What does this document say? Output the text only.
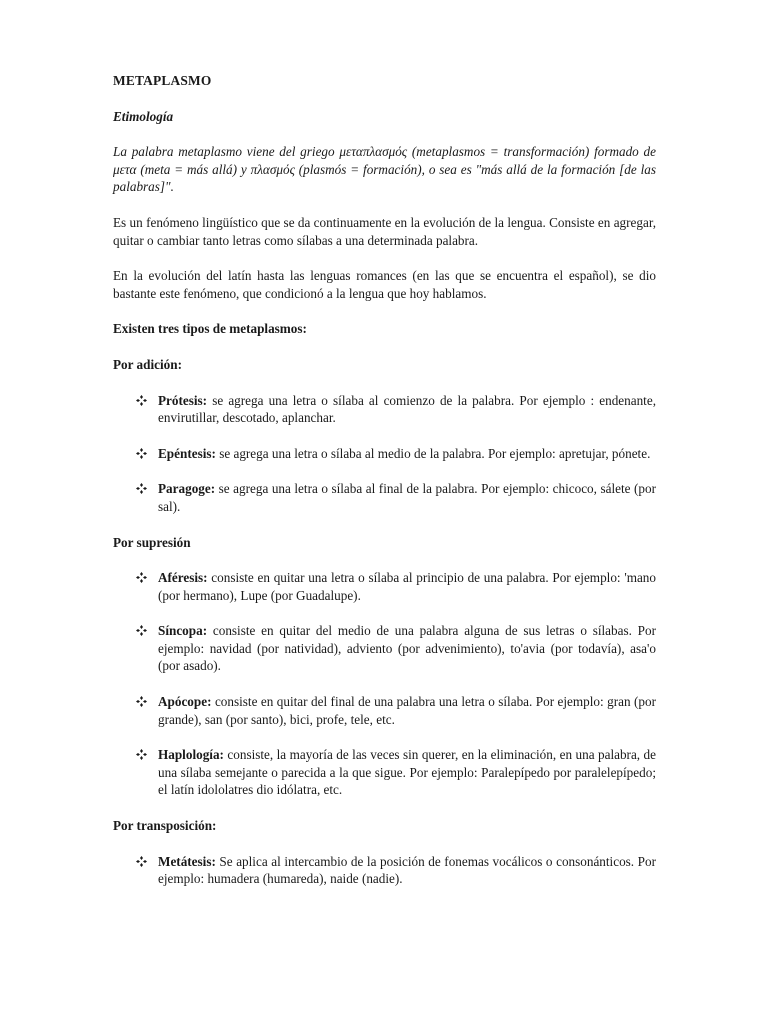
METAPLASMO
Etimología

La palabra metaplasmo viene del griego μεταπλασμός (metaplasmos = transformación) formado de μετα (meta = más allá) y πλασμός (plasmós = formación), o sea es "más allá de la formación [de las palabras]".

Es un fenómeno lingüístico que se da continuamente en la evolución de la lengua. Consiste en agregar, quitar o cambiar tanto letras como sílabas a una determinada palabra.

En la evolución del latín hasta las lenguas romances (en las que se encuentra el español), se dio bastante este fenómeno, que condicionó a la lengua que hoy hablamos.

Existen tres tipos de metaplasmos:
Por adición:
Prótesis: se agrega una letra o sílaba al comienzo de la palabra. Por ejemplo : endenante, envirutillar, descotado, aplanchar.
Epéntesis: se agrega una letra o sílaba al medio de la palabra. Por ejemplo: apretujar, pónete.
Paragoge: se agrega una letra o sílaba al final de la palabra. Por ejemplo: chicoco, sálete (por sal).
Por supresión
Aféresis: consiste en quitar una letra o sílaba al principio de una palabra. Por ejemplo: 'mano (por hermano), Lupe (por Guadalupe).
Síncopa: consiste en quitar del medio de una palabra alguna de sus letras o sílabas. Por ejemplo: navidad (por natividad), adviento (por advenimiento), to'avia (por todavía), asa'o (por asado).
Apócope: consiste en quitar del final de una palabra una letra o sílaba. Por ejemplo: gran (por grande), san (por santo), bici, profe, tele, etc.
Haplología: consiste, la mayoría de las veces sin querer, en la eliminación, en una palabra, de una sílaba semejante o parecida a la que sigue. Por ejemplo: Paralepípedo por paralelepípedo; el latín idololatres dio idólatra, etc.
Por transposición:
Metátesis: Se aplica al intercambio de la posición de fonemas vocálicos o consonánticos. Por ejemplo: humadera (humareda), naide (nadie).
